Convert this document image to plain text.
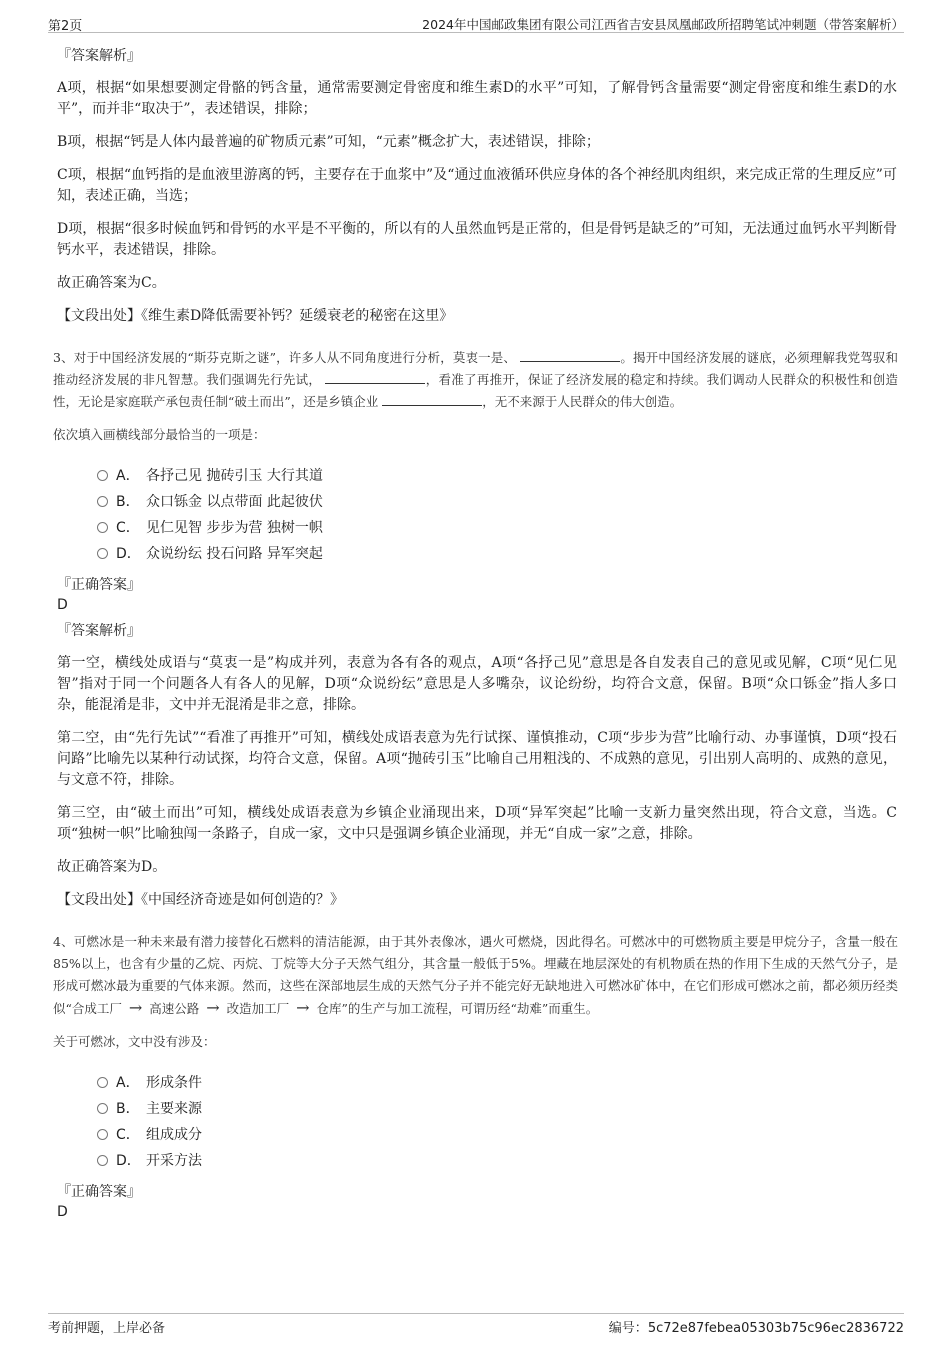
第2页	2024年中国邮政集团有限公司江西省吉安县凤凰邮政所招聘笔试冲刺题（带答案解析）

『答案解析』

A项，根据“如果想要测定骨骼的钙含量，通常需要测定骨密度和维生素D的水平”可知，了解骨钙含量需要“测定骨密度和维生素D的水平”，而并非“取决于”，表述错误，排除；

B项，根据“钙是人体内最普遍的矿物质元素”可知，“元素”概念扩大，表述错误，排除；

C项，根据“血钙指的是血液里游离的钙，主要存在于血浆中”及“通过血液循环供应身体的各个神经肌肉组织，来完成正常的生理反应”可知，表述正确，当选；

D项，根据“很多时候血钙和骨钙的水平是不平衡的，所以有的人虽然血钙是正常的，但是骨钙是缺乏的”可知，无法通过血钙水平判断骨钙水平，表述错误，排除。

故正确答案为C。

【文段出处】《维生素D降低需要补钙？延缓衰老的秘密在这里》

3、对于中国经济发展的“斯芬克斯之谜”，许多人从不同角度进行分析，莫衷一是、	。揭开中国经济发展的谜底，必须理解我党驾驭和推动经济发展的非凡智慧。我们强调先行先试，	，看准了再推开，保证了经济发展的稳定和持续。我们调动人民群众的积极性和创造性，无论是家庭联产承包责任制“破土而出”，还是乡镇企业	，无不来源于人民群众的伟大创造。

依次填入画横线部分最恰当的一项是：

A． 各抒己见 抛砖引玉 大行其道
B． 众口铄金 以点带面 此起彼伏
C． 见仁见智 步步为营 独树一帜
D． 众说纷纭 投石问路 异军突起

『正确答案』

D

『答案解析』

第一空，横线处成语与“莫衷一是”构成并列，表意为各有各的观点，A项“各抒己见”意思是各自发表自己的意见或见解，C项“见仁见智”指对于同一个问题各人有各人的见解，D项“众说纷纭”意思是人多嘴杂，议论纷纷，均符合文意，保留。B项“众口铄金”指人多口杂，能混淆是非，文中并无混淆是非之意，排除。

第二空，由“先行先试”“看准了再推开”可知，横线处成语表意为先行试探、谨慎推动，C项“步步为营”比喻行动、办事谨慎，D项“投石问路”比喻先以某种行动试探，均符合文意，保留。A项“抛砖引玉”比喻自己用粗浅的、不成熟的意见，引出别人高明的、成熟的意见，与文意不符，排除。

第三空，由“破土而出”可知，横线处成语表意为乡镇企业涌现出来，D项“异军突起”比喻一支新力量突然出现，符合文意，当选。C项“独树一帜”比喻独闯一条路子，自成一家，文中只是强调乡镇企业涌现，并无“自成一家”之意，排除。

故正确答案为D。

【文段出处】《中国经济奇迹是如何创造的？》

4、可燃冰是一种未来最有潜力接替化石燃料的清洁能源，由于其外表像冰，遇火可燃烧，因此得名。可燃冰中的可燃物质主要是甲烷分子，含量一般在85%以上，也含有少量的乙烷、丙烷、丁烷等大分子天然气组分，其含量一般低于5%。埋藏在地层深处的有机物质在热的作用下生成的天然气分子，是形成可燃冰最为重要的气体来源。然而，这些在深部地层生成的天然气分子并不能完好无缺地进入可燃冰矿体中，在它们形成可燃冰之前，都必须历经类似“合成工厂 → 高速公路 → 改造加工厂 → 仓库”的生产与加工流程，可谓历经“劫难”而重生。

关于可燃冰，文中没有涉及：

A． 形成条件
B． 主要来源
C． 组成成分
D． 开采方法

『正确答案』

D

考前押题，上岸必备	编号：5c72e87febea05303b75c96ec2836722
